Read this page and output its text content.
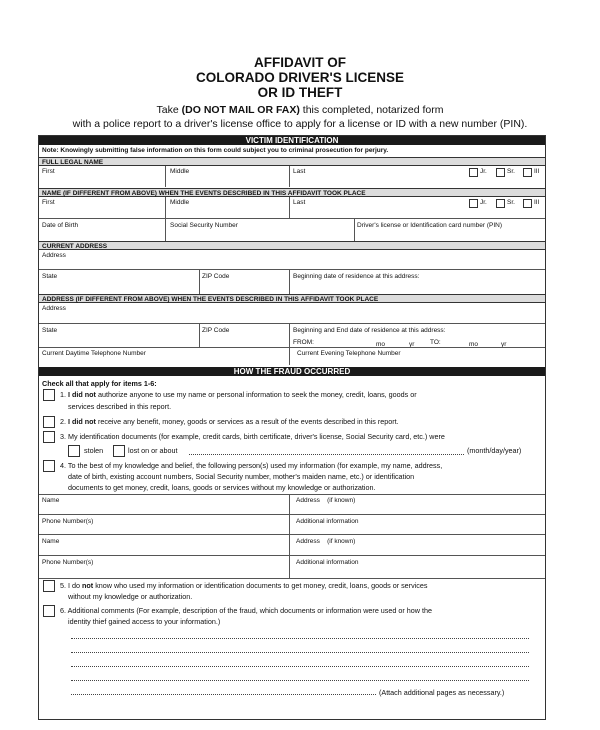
AFFIDAVIT OF
COLORADO DRIVER'S LICENSE
OR ID THEFT
Take (DO NOT MAIL OR FAX) this completed, notarized form
with a police report to a driver's license office to apply for a license or ID with a new number (PIN).
VICTIM IDENTIFICATION
Note: Knowingly submitting false information on this form could subject you to criminal prosecution for perjury.
FULL LEGAL NAME
First	Middle	Last	Jr.	Sr.	III
NAME (IF DIFFERENT FROM ABOVE) WHEN THE EVENTS DESCRIBED IN THIS AFFIDAVIT TOOK PLACE
First	Middle	Last	Jr.	Sr.	III
Date of Birth	Social Security Number	Driver's license or Identification card number (PIN)
CURRENT ADDRESS
Address
State	ZIP Code	Beginning date of residence at this address:
ADDRESS (IF DIFFERENT FROM ABOVE) WHEN THE EVENTS DESCRIBED IN THIS AFFIDAVIT TOOK PLACE
Address
State	ZIP Code	Beginning and End date of residence at this address:
FROM:	mo	yr TO:	mo	yr
Current Daytime Telephone Number	Current Evening Telephone Number
HOW THE FRAUD OCCURRED
Check all that apply for items 1-6:
1. I did not authorize anyone to use my name or personal information to seek the money, credit, loans, goods or
services described in this report.
2. I did not receive any benefit, money, goods or services as a result of the events described in this report.
3. My identification documents (for example, credit cards, birth certificate, driver's license, Social Security card, etc.) were
stolen	lost on or about	(month/day/year)
4. To the best of my knowledge and belief, the following person(s) used my information (for example, my name, address,
date of birth, existing account numbers, Social Security number, mother's maiden name, etc.) or identification
documents to get money, credit, loans, goods or services without my knowledge or authorization.
Name	Address (if known)
Phone Number(s)	Additional information
Name	Address (if known)
Phone Number(s)	Additional information
5. I do not know who used my information or identification documents to get money, credit, loans, goods or services
without my knowledge or authorization.
6. Additional comments (For example, description of the fraud, which documents or information were used or how the
identity thief gained access to your information.)
(Attach additional pages as necessary.)
